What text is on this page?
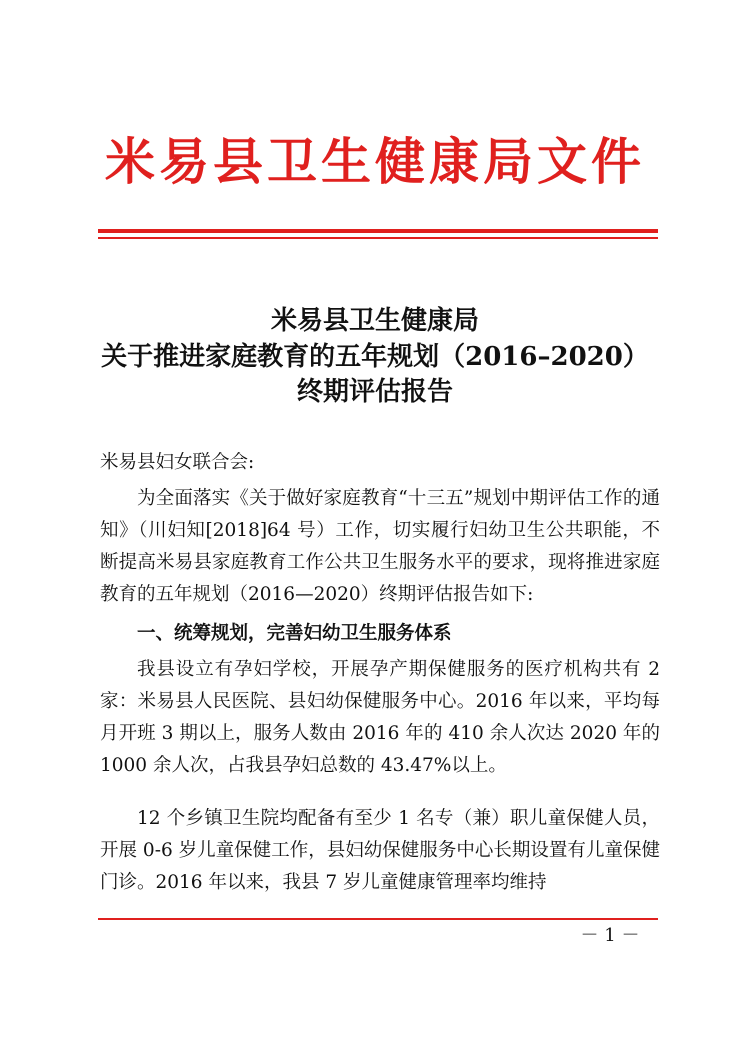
米易县卫生健康局文件
米易县卫生健康局
关于推进家庭教育的五年规划（2016–2020）
终期评估报告
米易县妇女联合会:
为全面落实《关于做好家庭教育“十三五”规划中期评估工作的通知》（川妇知[2018]64 号）工作，切实履行妇幼卫生公共职能，不断提高米易县家庭教育工作公共卫生服务水平的要求，现将推进家庭教育的五年规划（2016—2020）终期评估报告如下:
一、统筹规划，完善妇幼卫生服务体系
我县设立有孕妇学校，开展孕产期保健服务的医疗机构共有 2 家：米易县人民医院、县妇幼保健服务中心。2016 年以来，平均每月开班 3 期以上，服务人数由 2016 年的 410 余人次达 2020 年的 1000 余人次，占我县孕妇总数的 43.47%以上。
12 个乡镇卫生院均配备有至少 1 名专（兼）职儿童保健人员，开展 0-6 岁儿童保健工作，县妇幼保健服务中心长期设置有儿童保健门诊。2016 年以来，我县 7 岁儿童健康管理率均维持
－ 1 －
